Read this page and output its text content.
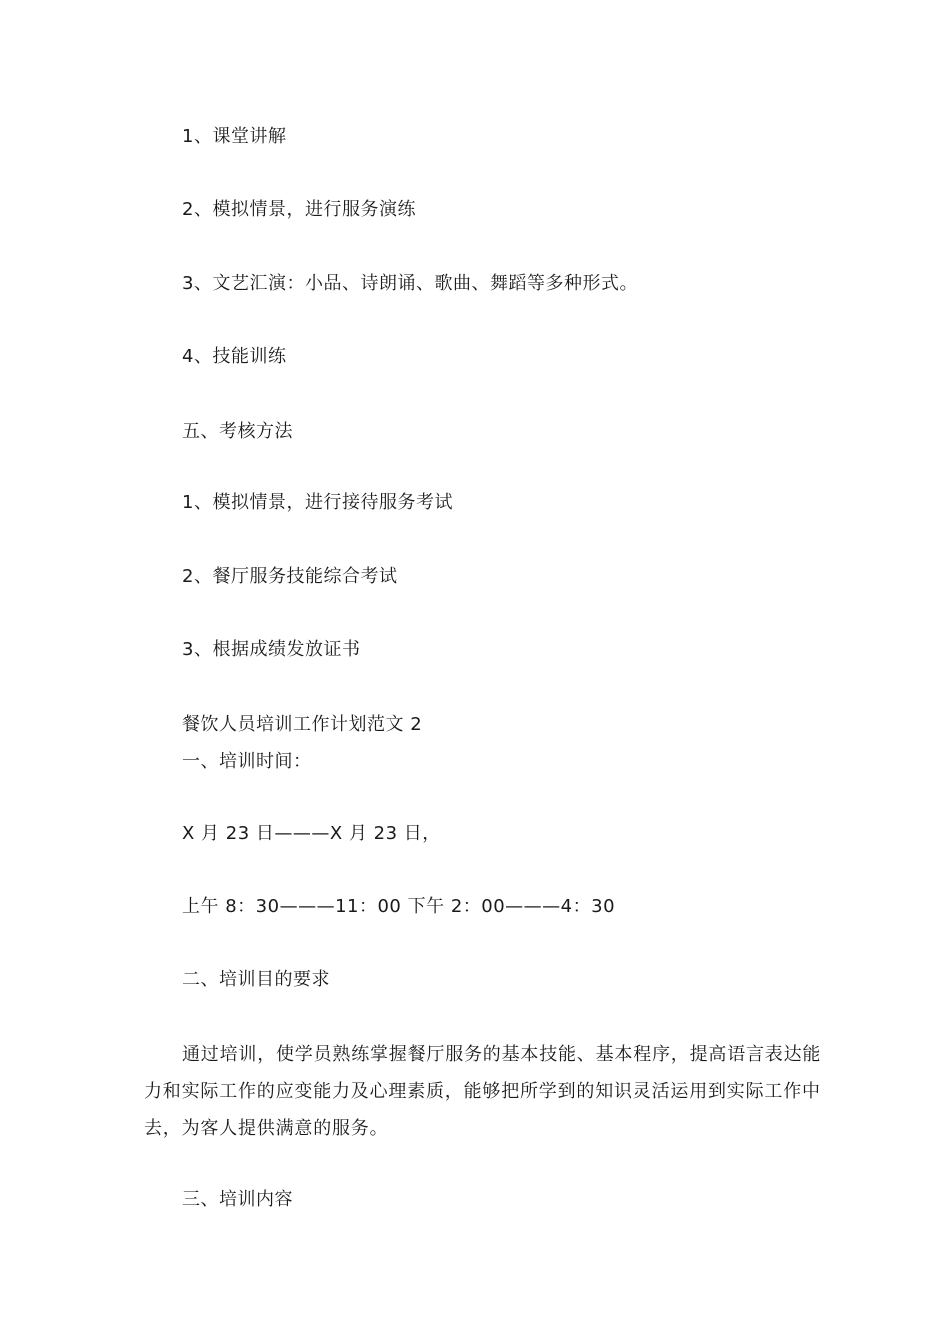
1、课堂讲解
2、模拟情景，进行服务演练
3、文艺汇演：小品、诗朗诵、歌曲、舞蹈等多种形式。
4、技能训练
五、考核方法
1、模拟情景，进行接待服务考试
2、餐厅服务技能综合考试
3、根据成绩发放证书
餐饮人员培训工作计划范文 2
一、培训时间：
X 月 23 日———X 月 23 日，
上午 8：30———11：00 下午 2：00———4：30
二、培训目的要求
通过培训，使学员熟练掌握餐厅服务的基本技能、基本程序，提高语言表达能力和实际工作的应变能力及心理素质，能够把所学到的知识灵活运用到实际工作中去，为客人提供满意的服务。
三、培训内容
